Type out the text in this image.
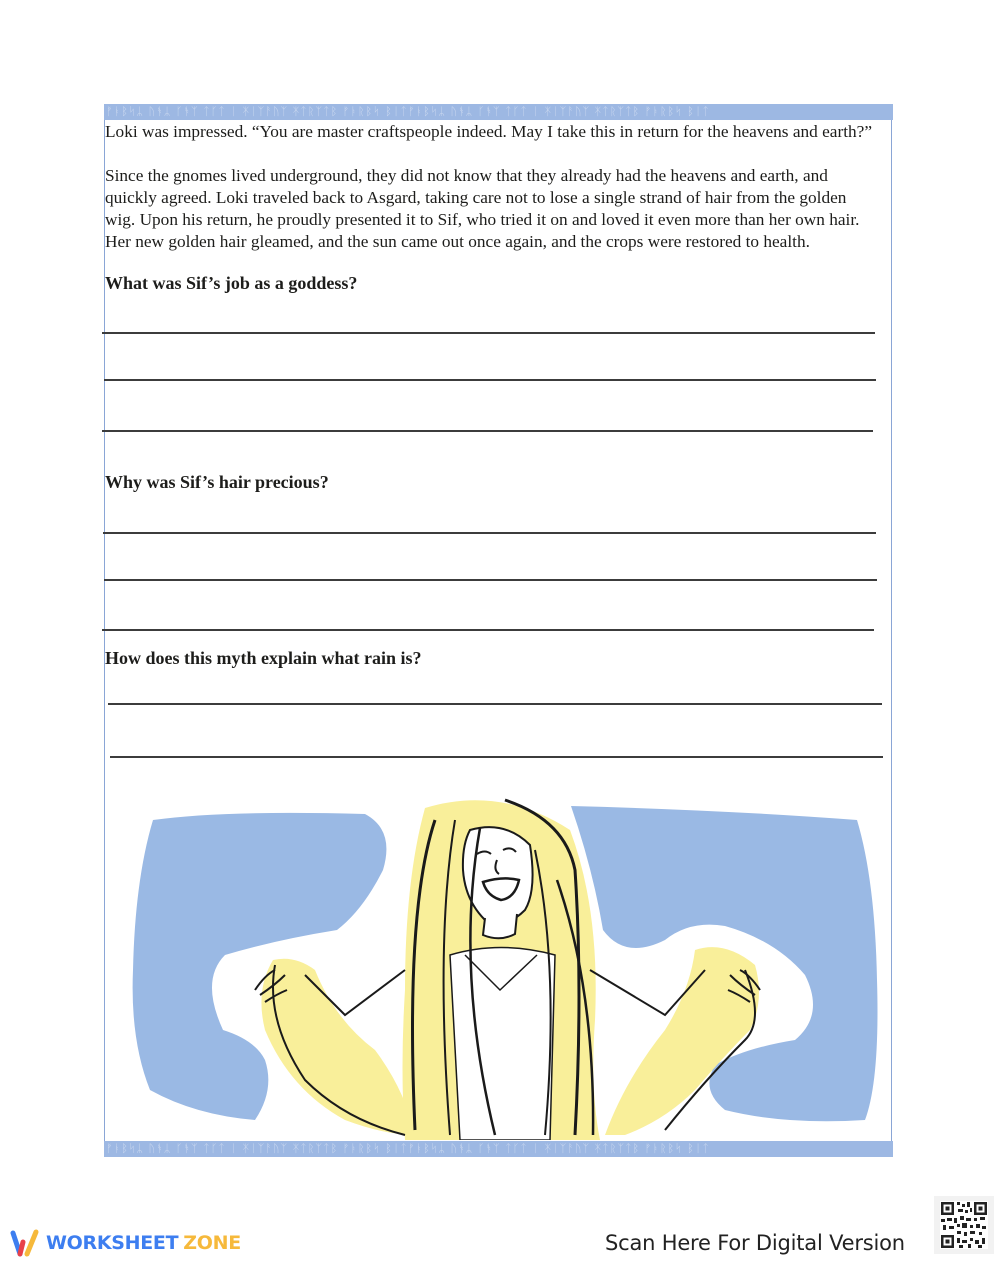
ᚠᚭᛒᛋᛦ ᚢᚬᛦ ᚴᚬᛉ ᛏᚴᛏ ᛁ ᛡᛁᛉᚨᚢᛉ ᛡᛏᚱᛉᛏᛒ ᚠᚭᚱᛒᛋ ᛒᛁᛏᚠᚭᛒᛋᛦ ᚢᚬᛦ ᚴᚬᛉ ᛏᚴᛏ ᛁ ᛡᛁᛉᚨᚢᛉ ᛡᛏᚱᛉᛏᛒ ᚠᚭᚱᛒᛋ ᛒᛁᛏ
Loki was impressed. “You are master craftspeople indeed. May I take this in return for the heavens and earth?”
Since the gnomes lived underground, they did not know that they already had the heavens and earth, and
quickly agreed. Loki traveled back to Asgard, taking care not to lose a single strand of hair from the golden
wig. Upon his return, he proudly presented it to Sif, who tried it on and loved it even more than her own hair.
Her new golden hair gleamed, and the sun came out once again, and the crops were restored to health.
What was Sif’s job as a goddess?
Why was Sif’s hair precious?
How does this myth explain what rain is?
ᚠᚭᛒᛋᛦ ᚢᚬᛦ ᚴᚬᛉ ᛏᚴᛏ ᛁ ᛡᛁᛉᚨᚢᛉ ᛡᛏᚱᛉᛏᛒ ᚠᚭᚱᛒᛋ ᛒᛁᛏᚠᚭᛒᛋᛦ ᚢᚬᛦ ᚴᚬᛉ ᛏᚴᛏ ᛁ ᛡᛁᛉᚨᚢᛉ ᛡᛏᚱᛉᛏᛒ ᚠᚭᚱᛒᛋ ᛒᛁᛏ
WORKSHEET ZONE	Scan Here For Digital Version
